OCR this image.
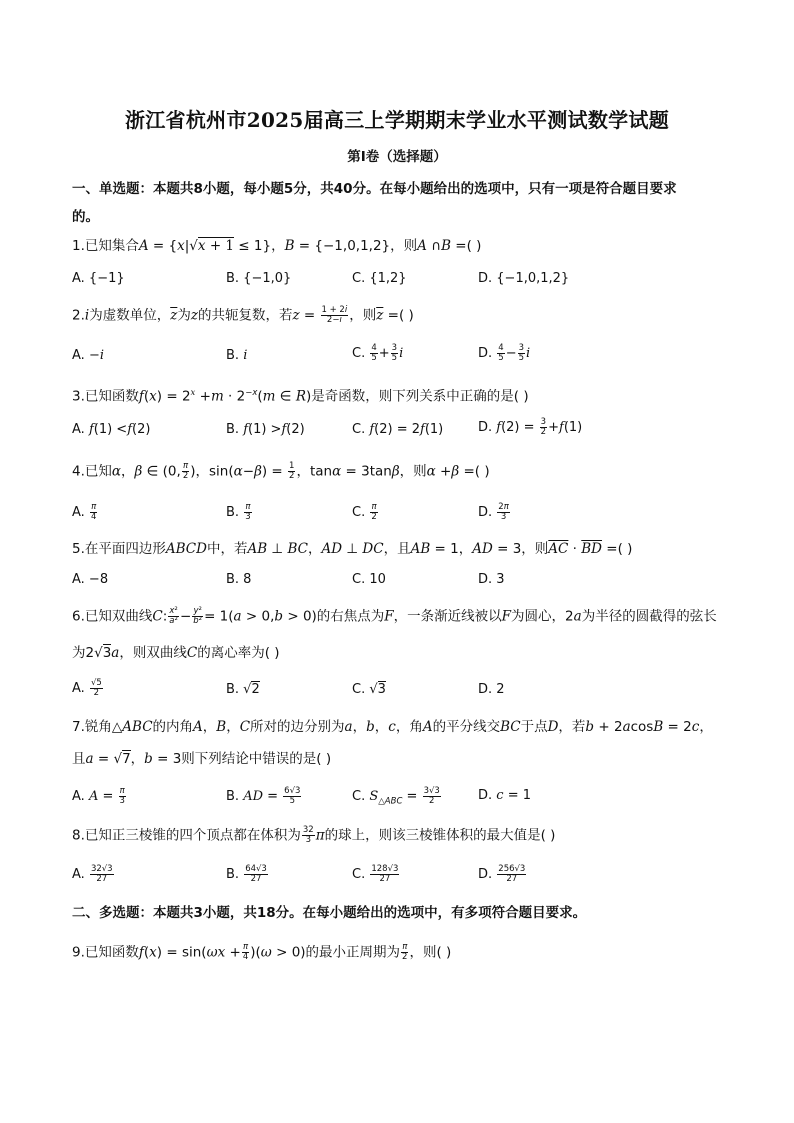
浙江省杭州市2025届高三上学期期末学业水平测试数学试题
第I卷（选择题）
一、单选题：本题共8小题，每小题5分，共40分。在每小题给出的选项中，只有一项是符合题目要求
的。
1.已知集合A = {x|√x + 1 ≤ 1}，B = {−1,0,1,2}，则A ∩B =( )
A. {−1}	B. {−1,0}	C. {1,2}	D. {−1,0,1,2}
2.i为虚数单位，$\overline{z}$为z的共轭复数，若$z = \frac{1 + 2i}{2-i}$ ，则$\overline{z}$ =( )
A. −i	B. i	C. $\frac{4}{5} + \frac{3}{5}$ i	D. $\frac{4}{5} - \frac{3}{5}$ i
3.已知函数$f(x) = 2^x +m \cdot 2^{-x}(m$ ∈ R)是奇函数，则下列关系中正确的是( )
A. f(1) <f(2)	B. f(1) >f(2)	C. f(2) = 2f(1)	D. $f(2) = \frac{3}{2} +f(1)$
4.已知α，β ∈ (0, $\frac{\pi}{2}$ )，$\sin(\alpha-\beta) = \frac{1}{2}$ ，tanα = 3tanβ，则α +β =( )
A. $\frac{\pi}{4}$	B. $\frac{\pi}{3}$	C. $\frac{\pi}{2}$	D. $\frac{2\pi}{3}$
5.在平面四边形ABCD中，若AB ⊥ BC，AD ⊥ DC，且AB = 1，AD = 3，则$\overline{AC} \cdot \overline{BD}$ =( )
A. −8	B. 8	C. 10	D. 3
6.已知双曲线C: $\frac{\text{x²}}{\text{a²}} - \frac{\text{y²}}{\text{b²}} = 1(a > 0,b > 0)$的右焦点为F，一条渐近线被以F为圆心，2a为半径的圆截得的弦长
为2√3a，则双曲线C的离心率为( )
A. $\frac{√5}{2}$	B. √2	C. √3	D. 2
7.锐角△ABC的内角A，B，C所对的边分别为a，b，c，角A的平分线交BC于点D，若b + 2acosB = 2c，
且a = √7，b = 3则下列结论中错误的是( )
A. $A = \frac{\pi}{3}$	B. AD = $\frac{6√3}{5}$	C. $S_{\triangle ABC} = \frac{3√3}{2}$	D. c = 1
8.已知正三棱锥的四个顶点都在体积为 $\frac{32}{3}$ π的球上，则该三棱锥体积的最大值是( )
A. $\frac{32√3}{27}$	B. $\frac{64√3}{27}$	C. $\frac{128√3}{27}$	D. $\frac{256√3}{27}$
二、多选题：本题共3小题，共18分。在每小题给出的选项中，有多项符合题目要求。
9.已知函数$f(x) = \sin(\omega x + \frac{\pi}{4} )(\omega > 0)$的最小正周期为 $\frac{\pi}{2}$ ，则( )
